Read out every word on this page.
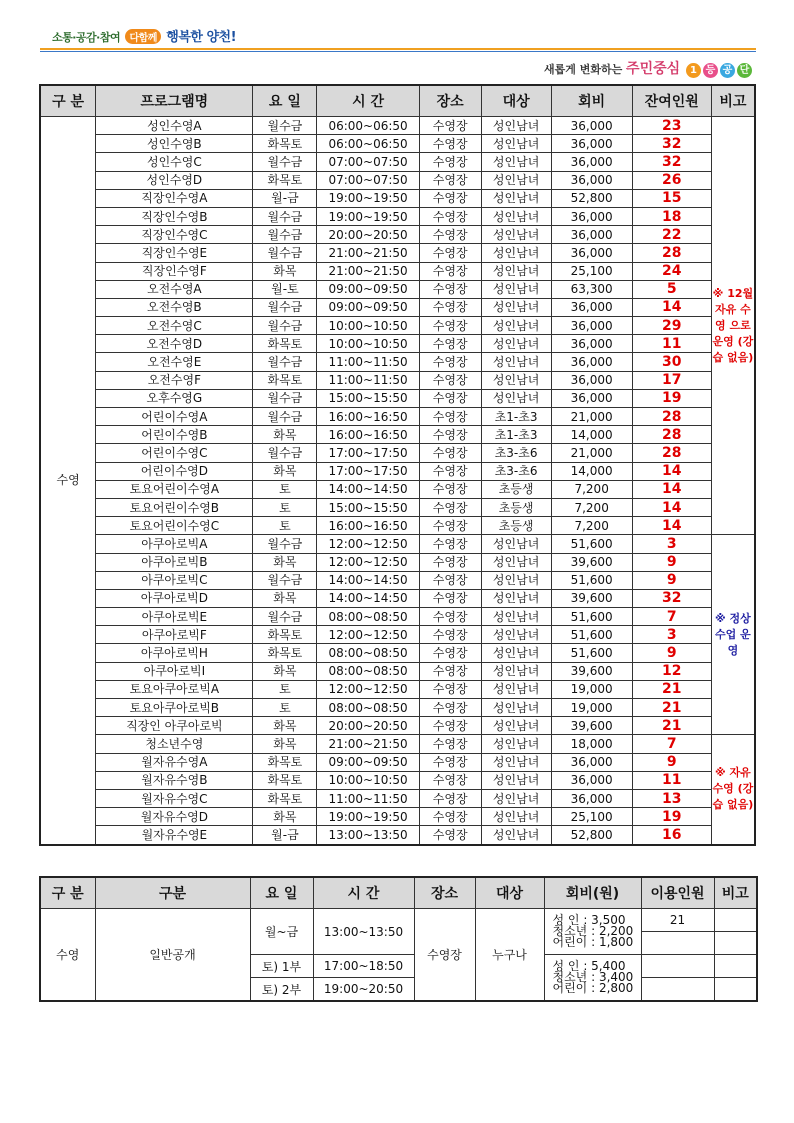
소통·공감·참여 다함께 행복한 양천!
새롭게 변화하는 주민중심 1 등 공 단
구 분	프로그램명	요 일	시 간	장소	대상	회비	잔여인원	비고
수영	성인수영A	월수금	06:00~06:50	수영장	성인남녀	36,000	23	※ 12월 자유 수영 으로 운영 (강습 없음)
	성인수영B	화목토	06:00~06:50	수영장	성인남녀	36,000	32	
	성인수영C	월수금	07:00~07:50	수영장	성인남녀	36,000	32	
	성인수영D	화목토	07:00~07:50	수영장	성인남녀	36,000	26	
	직장인수영A	월-금	19:00~19:50	수영장	성인남녀	52,800	15	
	직장인수영B	월수금	19:00~19:50	수영장	성인남녀	36,000	18	
	직장인수영C	월수금	20:00~20:50	수영장	성인남녀	36,000	22	
	직장인수영E	월수금	21:00~21:50	수영장	성인남녀	36,000	28	
	직장인수영F	화목	21:00~21:50	수영장	성인남녀	25,100	24	
	오전수영A	월-토	09:00~09:50	수영장	성인남녀	63,300	5	
	오전수영B	월수금	09:00~09:50	수영장	성인남녀	36,000	14	
	오전수영C	월수금	10:00~10:50	수영장	성인남녀	36,000	29	
	오전수영D	화목토	10:00~10:50	수영장	성인남녀	36,000	11	
	오전수영E	월수금	11:00~11:50	수영장	성인남녀	36,000	30	
	오전수영F	화목토	11:00~11:50	수영장	성인남녀	36,000	17	
	오후수영G	월수금	15:00~15:50	수영장	성인남녀	36,000	19	
	어린이수영A	월수금	16:00~16:50	수영장	초1-초3	21,000	28	
	어린이수영B	화목	16:00~16:50	수영장	초1-초3	14,000	28	
	어린이수영C	월수금	17:00~17:50	수영장	초3-초6	21,000	28	
	어린이수영D	화목	17:00~17:50	수영장	초3-초6	14,000	14	
	토요어린이수영A	토	14:00~14:50	수영장	초등생	7,200	14	
	토요어린이수영B	토	15:00~15:50	수영장	초등생	7,200	14	
	토요어린이수영C	토	16:00~16:50	수영장	초등생	7,200	14	
	아쿠아로빅A	월수금	12:00~12:50	수영장	성인남녀	51,600	3	※ 정상 수업 운영
	아쿠아로빅B	화목	12:00~12:50	수영장	성인남녀	39,600	9	
	아쿠아로빅C	월수금	14:00~14:50	수영장	성인남녀	51,600	9	
	아쿠아로빅D	화목	14:00~14:50	수영장	성인남녀	39,600	32	
	아쿠아로빅E	월수금	08:00~08:50	수영장	성인남녀	51,600	7	
	아쿠아로빅F	화목토	12:00~12:50	수영장	성인남녀	51,600	3	
	아쿠아로빅H	화목토	08:00~08:50	수영장	성인남녀	51,600	9	
	아쿠아로빅I	화목	08:00~08:50	수영장	성인남녀	39,600	12	
	토요아쿠아로빅A	토	12:00~12:50	수영장	성인남녀	19,000	21	
	토요아쿠아로빅B	토	08:00~08:50	수영장	성인남녀	19,000	21	
	직장인 아쿠아로빅	화목	20:00~20:50	수영장	성인남녀	39,600	21	
	청소년수영	화목	21:00~21:50	수영장	성인남녀	18,000	7	※ 자유 수영 (강습 없음)
	월자유수영A	화목토	09:00~09:50	수영장	성인남녀	36,000	9	
	월자유수영B	화목토	10:00~10:50	수영장	성인남녀	36,000	11	
	월자유수영C	화목토	11:00~11:50	수영장	성인남녀	36,000	13	
	월자유수영D	화목	19:00~19:50	수영장	성인남녀	25,100	19	
	월자유수영E	월-금	13:00~13:50	수영장	성인남녀	52,800	16	
구 분	구분	요 일	시 간	장소	대상	회비(원)	이용인원	비고
수영	일반공개	월~금	13:00~13:50	수영장	누구나	성 인 : 3,500
청소년 : 2,200
어린이 : 1,800	21	

		토) 1부	17:00~18:50			성 인 : 5,400
청소년 : 3,400
어린이 : 2,800		

		토) 2부	19:00~20:50					
